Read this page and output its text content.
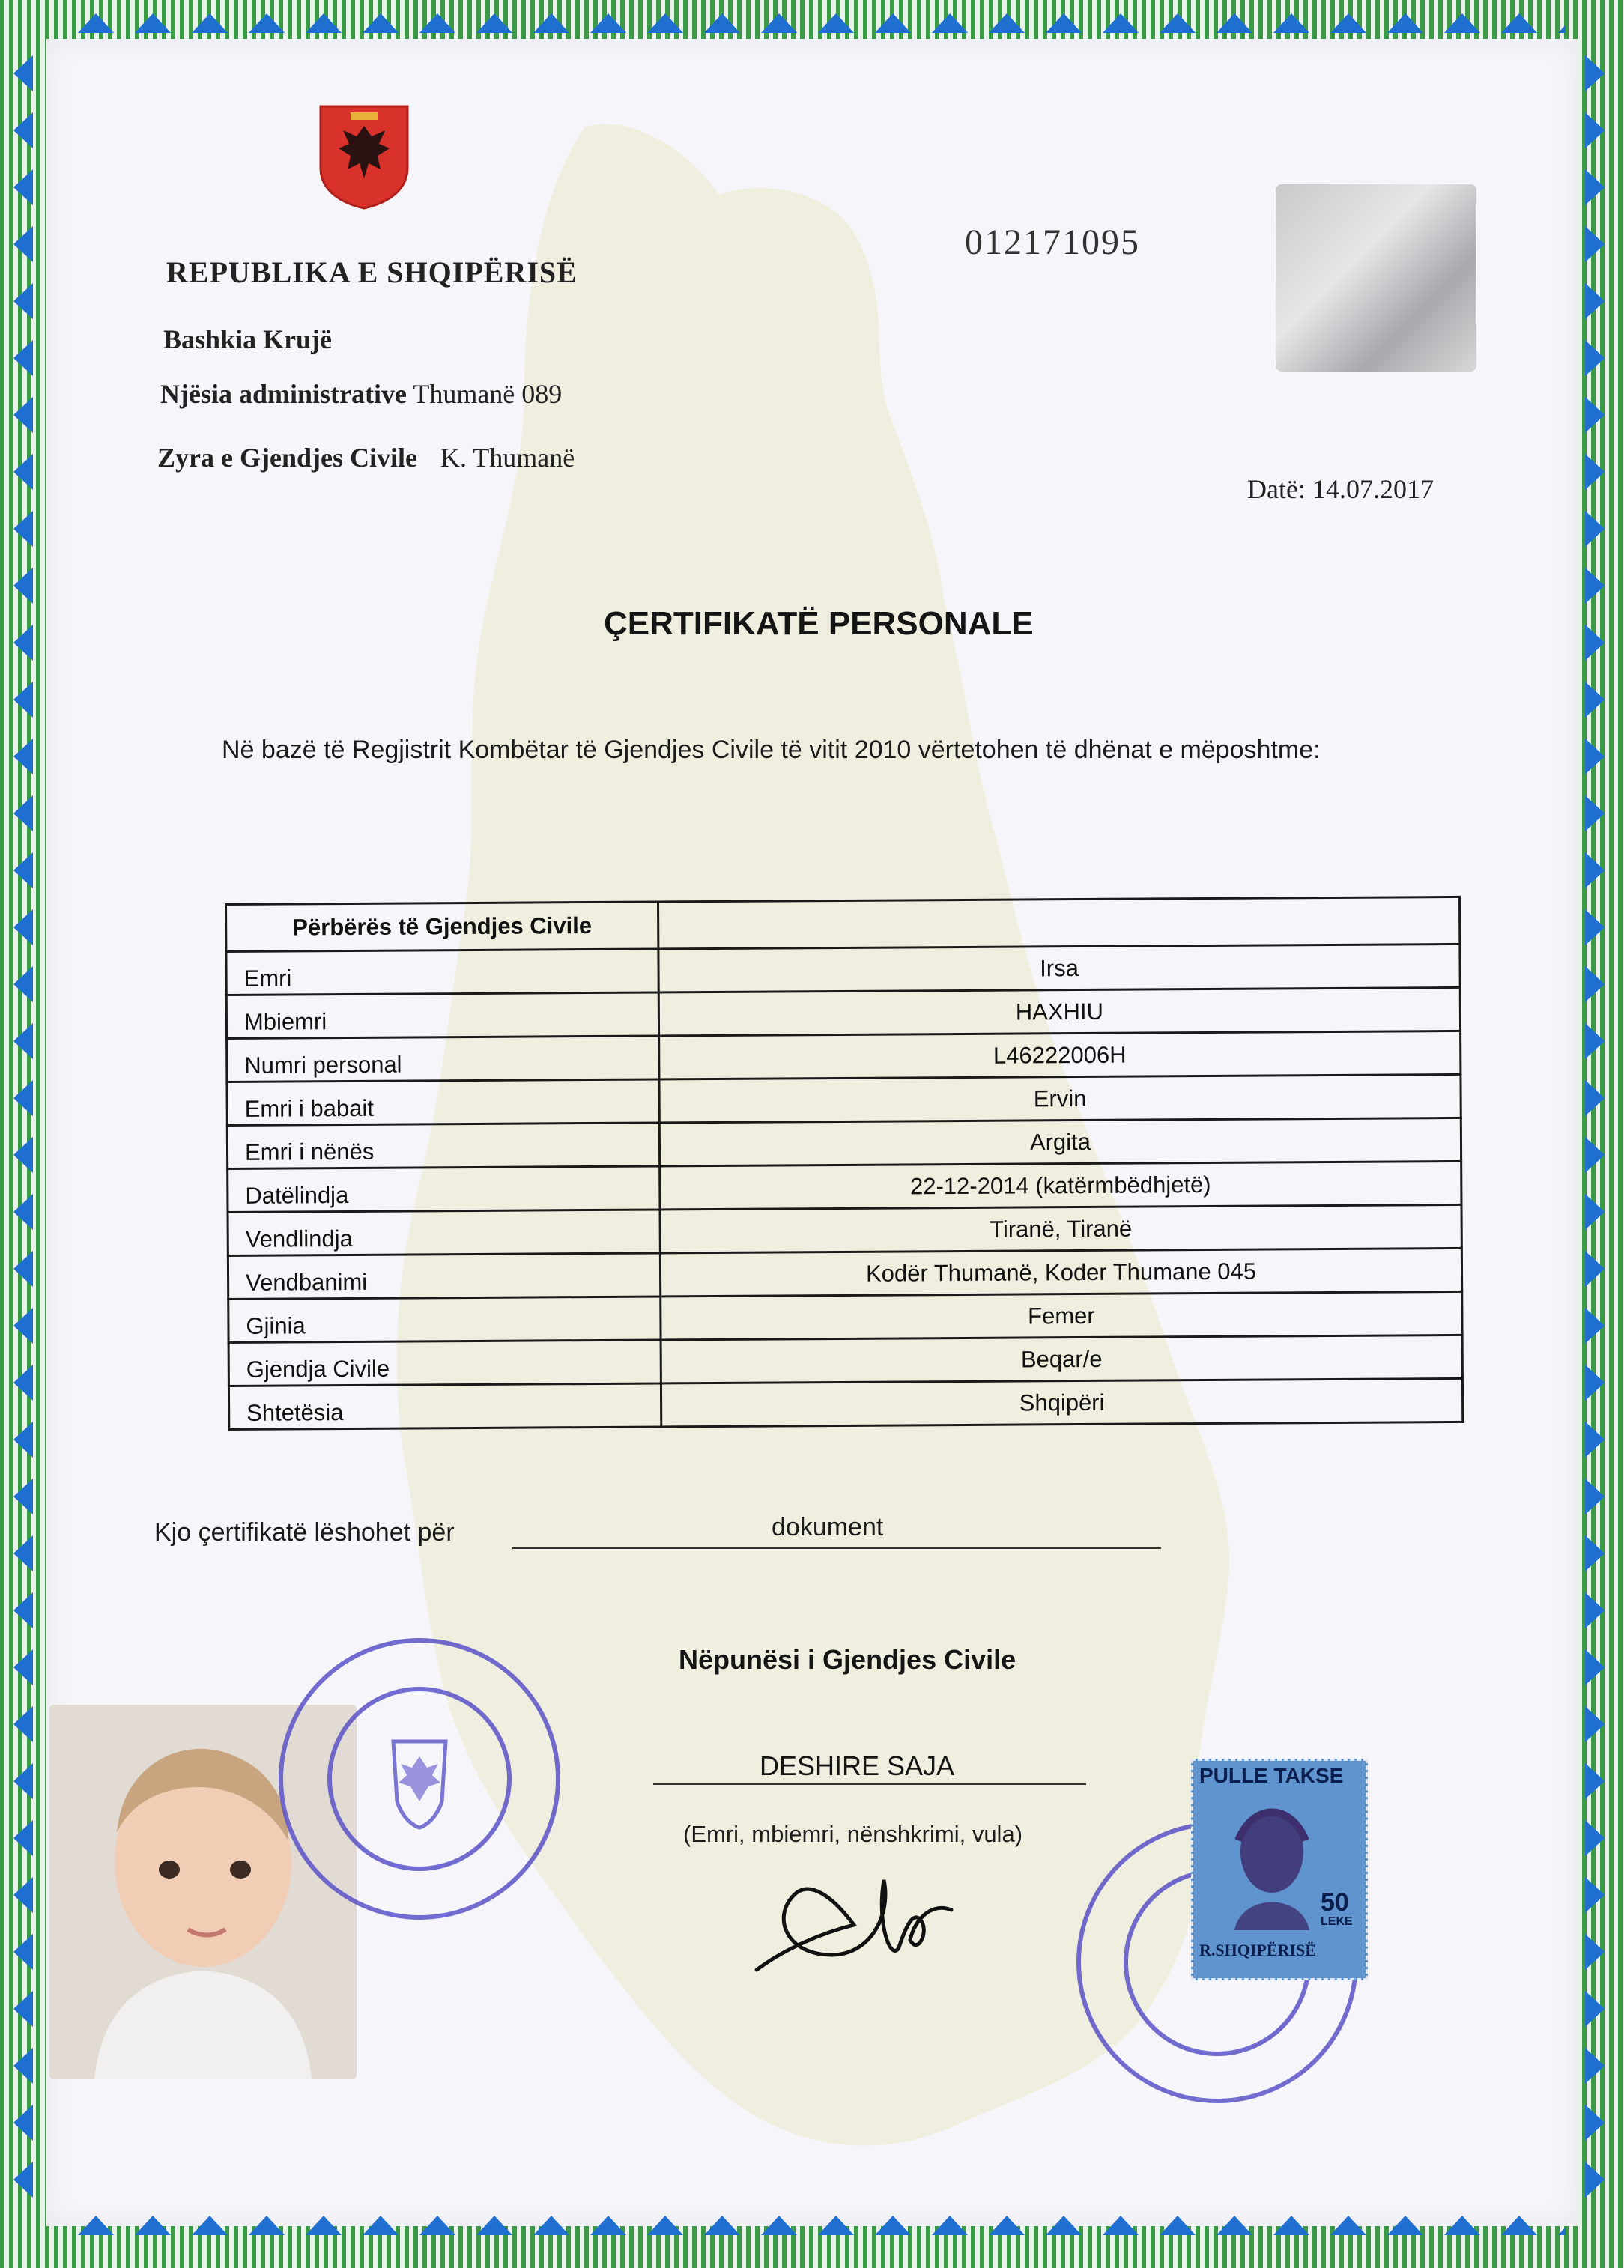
REPUBLIKA E SHQIPËRISË
Bashkia Krujë
Njësia administrative Thumanë 089
Zyra e Gjendjes Civile K. Thumanë
012171095
Datë: 14.07.2017
ÇERTIFIKATË PERSONALE
Në bazë të Regjistrit Kombëtar të Gjendjes Civile të vitit 2010 vërtetohen të dhënat e mëposhtme:
Përbërës të Gjendjes Civile	
Emri	Irsa
Mbiemri	HAXHIU
Numri personal	L46222006H
Emri i babait	Ervin
Emri i nënës	Argita
Datëlindja	22-12-2014 (katërmbëdhjetë)
Vendlindja	Tiranë, Tiranë
Vendbanimi	Kodër Thumanë, Koder Thumane 045
Gjinia	Femer
Gjendja Civile	Beqar/e
Shtetësia	Shqipëri
Kjo çertifikatë lëshohet për	dokument
Nëpunësi i Gjendjes Civile
DESHIRE SAJA
(Emri, mbiemri, nënshkrimi, vula)
PULLE TAKSE
50
LEKE
R.SHQIPËRISË
